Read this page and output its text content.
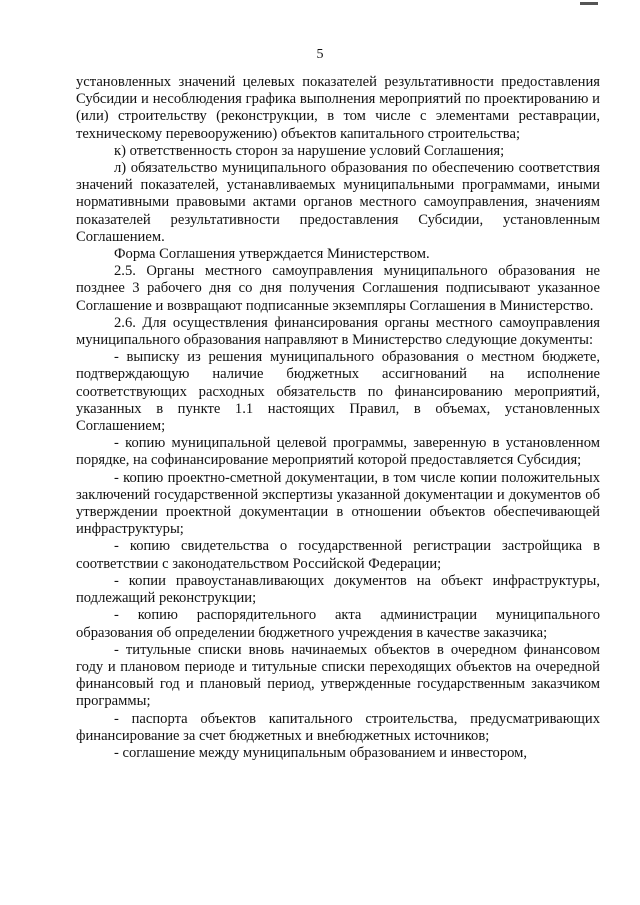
5

установленных значений целевых показателей результативности предоставления Субсидии и несоблюдения графика выполнения мероприятий по проектированию и (или) строительству (реконструкции, в том числе с элементами реставрации, техническому перевооружению) объектов капитального строительства;

к) ответственность сторон за нарушение условий Соглашения;

л) обязательство муниципального образования по обеспечению соответствия значений показателей, устанавливаемых муниципальными программами, иными нормативными правовыми актами органов местного самоуправления, значениям показателей результативности предоставления Субсидии, установленным Соглашением.

Форма Соглашения утверждается Министерством.

2.5. Органы местного самоуправления муниципального образования не позднее 3 рабочего дня со дня получения Соглашения подписывают указанное Соглашение и возвращают подписанные экземпляры Соглашения в Министерство.

2.6. Для осуществления финансирования органы местного самоуправления муниципального образования направляют в Министерство следующие документы:

- выписку из решения муниципального образования о местном бюджете, подтверждающую наличие бюджетных ассигнований на исполнение соответствующих расходных обязательств по финансированию мероприятий, указанных в пункте 1.1 настоящих Правил, в объемах, установленных Соглашением;

- копию муниципальной целевой программы, заверенную в установленном порядке, на софинансирование мероприятий которой предоставляется Субсидия;

- копию проектно-сметной документации, в том числе копии положительных заключений государственной экспертизы указанной документации и документов об утверждении проектной документации в отношении объектов обеспечивающей инфраструктуры;

- копию свидетельства о государственной регистрации застройщика в соответствии с законодательством Российской Федерации;

- копии правоустанавливающих документов на объект инфраструктуры, подлежащий реконструкции;

- копию распорядительного акта администрации муниципального образования об определении бюджетного учреждения в качестве заказчика;

- титульные списки вновь начинаемых объектов в очередном финансовом году и плановом периоде и титульные списки переходящих объектов на очередной финансовый год и плановый период, утвержденные государственным заказчиком программы;

- паспорта объектов капитального строительства, предусматривающих финансирование за счет бюджетных и внебюджетных источников;

- соглашение между муниципальным образованием и инвестором,
